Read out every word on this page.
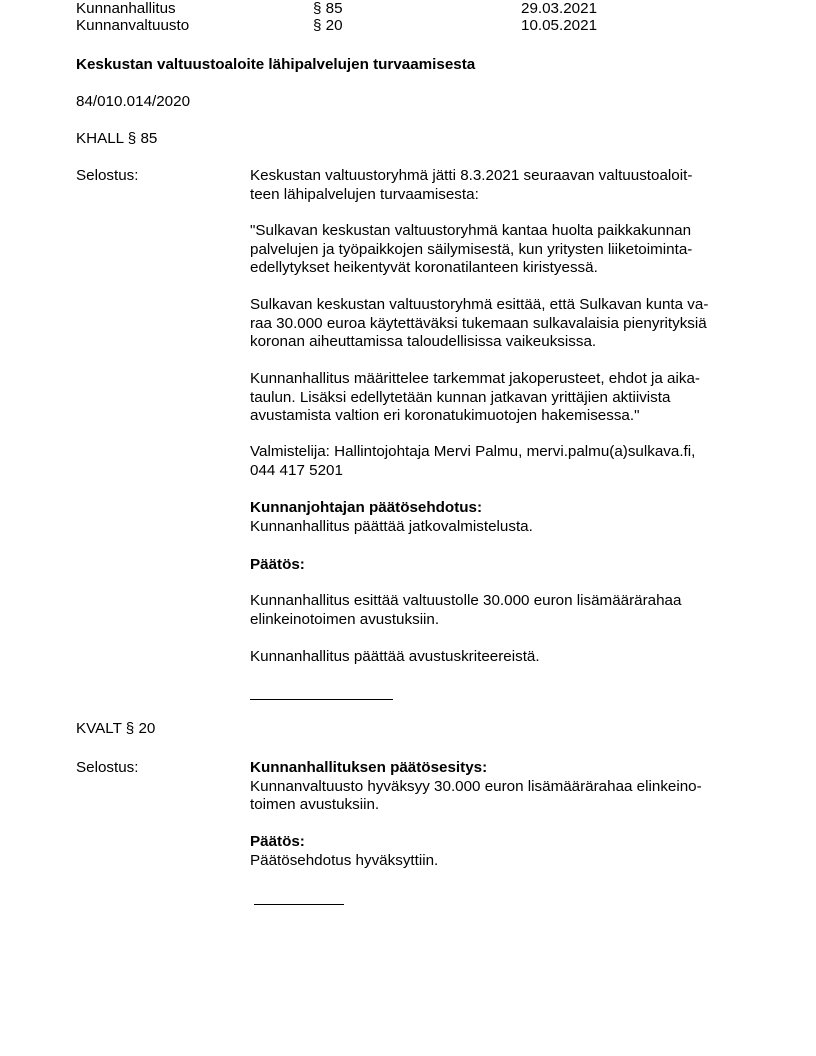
Kunnanhallitus	§ 85	29.03.2021
Kunnanvaltuusto	§ 20	10.05.2021
Keskustan valtuustoaloite lähipalvelujen turvaamisesta
84/010.014/2020
KHALL § 85
Selostus:	Keskustan valtuustoryhmä jätti 8.3.2021 seuraavan valtuustoaloit-
teen lähipalvelujen turvaamisesta:
"Sulkavan keskustan valtuustoryhmä kantaa huolta paikkakunnan
palvelujen ja työpaikkojen säilymisestä, kun yritysten liiketoiminta-
edellytykset heikentyvät koronatilanteen kiristyessä.
Sulkavan keskustan valtuustoryhmä esittää, että Sulkavan kunta va-
raa 30.000 euroa käytettäväksi tukemaan sulkavalaisia pienyrityksiä
koronan aiheuttamissa taloudellisissa vaikeuksissa.
Kunnanhallitus määrittelee tarkemmat jakoperusteet, ehdot ja aika-
taulun. Lisäksi edellytetään kunnan jatkavan yrittäjien aktiivista
avustamista valtion eri koronatukimuotojen hakemisessa."
Valmistelija: Hallintojohtaja Mervi Palmu, mervi.palmu(a)sulkava.fi,
044 417 5201
Kunnanjohtajan päätösehdotus:
Kunnanhallitus päättää jatkovalmistelusta.
Päätös:
Kunnanhallitus esittää valtuustolle 30.000 euron lisämäärärahaa
elinkeinotoimen avustuksiin.
Kunnanhallitus päättää avustuskriteereistä.
KVALT § 20
Selostus:	Kunnanhallituksen päätösesitys:
Kunnanvaltuusto hyväksyy 30.000 euron lisämäärärahaa elinkeino-
toimen avustuksiin.
Päätös:
Päätösehdotus hyväksyttiin.
